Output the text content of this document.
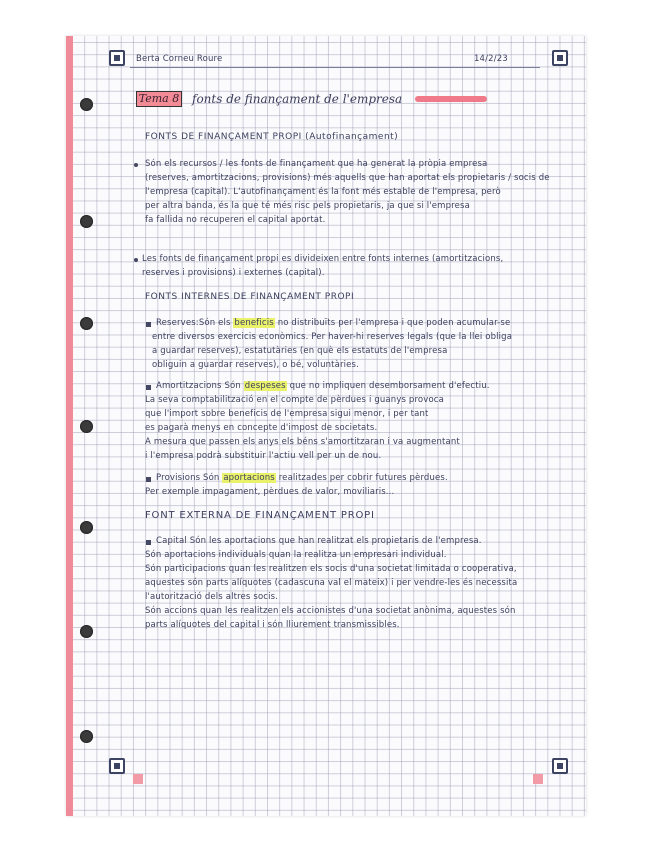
Berta Corneu Roure	14/2/23
Tema 8 fonts de finançament de l'empresa
FONTS DE FINANÇAMENT PROPI (Autofinançament)
Són els recursos / les fonts de finançament que ha generat la pròpia empresa
(reserves, amortitzacions, provisions) més aquells que han aportat els propietaris / socis de
l'empresa (capital). L'autofinançament és la font més estable de l'empresa, però
per altra banda, és la que té més risc pels propietaris, ja que si l'empresa
fa fallida no recuperen el capital aportat.
Les fonts de finançament propi es divideixen entre fonts internes (amortitzacions,
reserves i provisions) i externes (capital).
FONTS INTERNES DE FINANÇAMENT PROPI
Reserves:Són els beneficis no distribuïts per l'empresa i que poden acumular-se
entre diversos exercicis econòmics. Per haver-hi reserves legals (que la llei obliga
a guardar reserves), estatutàries (en què els estatuts de l'empresa
obliguin a guardar reserves), o bé, voluntàries.
Amortitzacions Són despeses que no impliquen desemborsament d'efectiu.
La seva comptabilització en el compte de pèrdues i guanys provoca
que l'import sobre beneficis de l'empresa sigui menor, i per tant
es pagarà menys en concepte d'impost de societats.
A mesura que passen els anys els béns s'amortitzaran i va augmentant
i l'empresa podrà substituir l'actiu vell per un de nou.
Provisions Són aportacions realitzades per cobrir futures pèrdues.
Per exemple impagament, pèrdues de valor, moviliaris...
FONT EXTERNA DE FINANÇAMENT PROPI
Capital Són les aportacions que han realitzat els propietaris de l'empresa.
Són aportacions individuals quan la realitza un empresari individual.
Són participacions quan les realitzen els socis d'una societat limitada o cooperativa,
aquestes són parts alíquotes (cadascuna val el mateix) i per vendre-les és necessita
l'autorització dels altres socis.
Són accions quan les realitzen els accionistes d'una societat anònima, aquestes són
parts alíquotes del capital i són lliurement transmissibles.
